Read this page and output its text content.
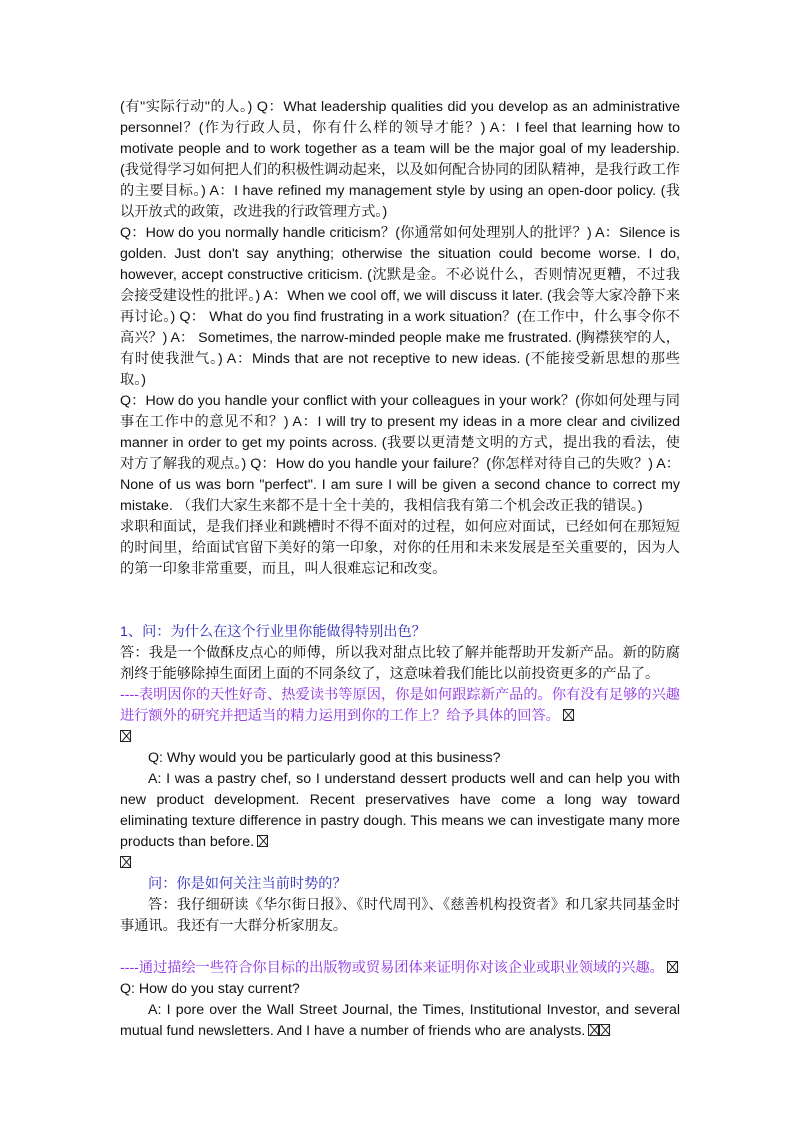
(有"实际行动"的人。) Q：What leadership qualities did you develop as an administrative personnel？(作为行政人员，你有什么样的领导才能？) A：I feel that learning how to motivate people and to work together as a team will be the major goal of my leadership. (我觉得学习如何把人们的积极性调动起来，以及如何配合协同的团队精神，是我行政工作的主要目标。) A：I have refined my management style by using an open-door policy. (我以开放式的政策，改进我的行政管理方式。)

Q：How do you normally handle criticism？(你通常如何处理别人的批评？) A：Silence is golden. Just don't say anything; otherwise the situation could become worse. I do, however, accept constructive criticism. (沈默是金。不必说什么，否则情况更糟，不过我会接受建设性的批评。) A：When we cool off, we will discuss it later. (我会等大家冷静下来再讨论。) Q： What do you find frustrating in a work situation？(在工作中，什么事令你不高兴？) A： Sometimes, the narrow-minded people make me frustrated. (胸襟狭窄的人，有时使我泄气。) A：Minds that are not receptive to new ideas. (不能接受新思想的那些取。)

Q：How do you handle your conflict with your colleagues in your work？(你如何处理与同事在工作中的意见不和？) A：I will try to present my ideas in a more clear and civilized manner in order to get my points across. (我要以更清楚文明的方式，提出我的看法，使对方了解我的观点。) Q：How do you handle your failure？(你怎样对待自己的失败？) A：None of us was born "perfect". I am sure I will be given a second chance to correct my mistake. （我们大家生来都不是十全十美的，我相信我有第二个机会改正我的错误。)

求职和面试，是我们择业和跳槽时不得不面对的过程，如何应对面试，已经如何在那短短的时间里，给面试官留下美好的第一印象，对你的任用和未来发展是至关重要的，因为人的第一印象非常重要，而且，叫人很难忘记和改变。

1、问：为什么在这个行业里你能做得特别出色？

答：我是一个做酥皮点心的师傅，所以我对甜点比较了解并能帮助开发新产品。新的防腐剂终于能够除掉生面团上面的不同条纹了，这意味着我们能比以前投资更多的产品了。

----表明因你的天性好奇、热爱读书等原因，你是如何跟踪新产品的。你有没有足够的兴趣进行额外的研究并把适当的精力运用到你的工作上？给予具体的回答。

Q: Why would you be particularly good at this business?

A: I was a pastry chef, so I understand dessert products well and can help you with new product development. Recent preservatives have come a long way toward eliminating texture difference in pastry dough. This means we can investigate many more products than before.

问：你是如何关注当前时势的？

答：我仔细研读《华尔街日报》、《时代周刊》、《慈善机构投资者》和几家共同基金时事通讯。我还有一大群分析家朋友。

----通过描绘一些符合你目标的出版物或贸易团体来证明你对该企业或职业领域的兴趣。

Q: How do you stay current?

A: I pore over the Wall Street Journal, the Times, Institutional Investor, and several mutual fund newsletters. And I have a number of friends who are analysts.
